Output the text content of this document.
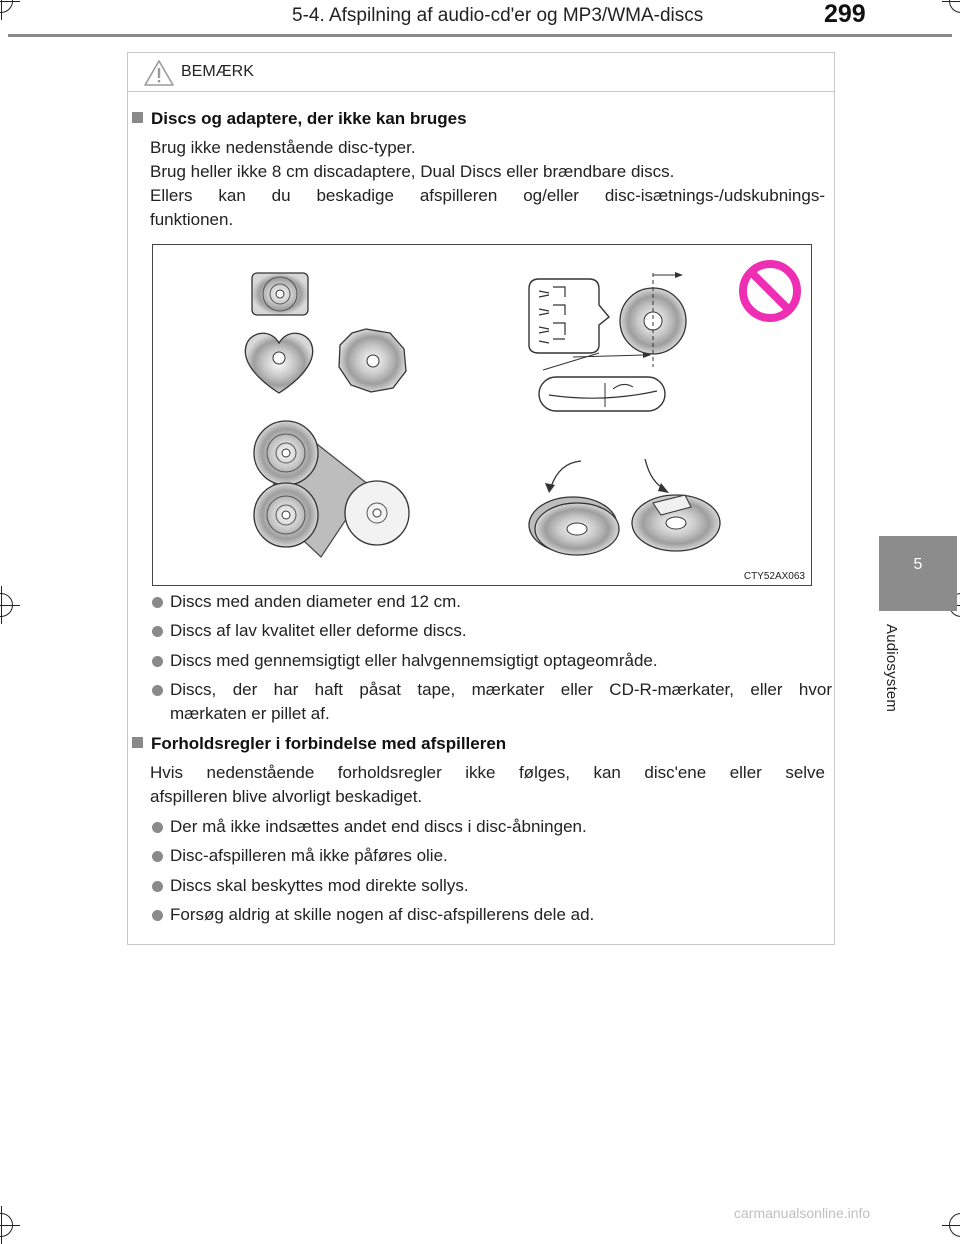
5-4. Afspilning af audio-cd'er og MP3/WMA-discs	299
5
Audiosystem
BEMÆRK
Discs og adaptere, der ikke kan bruges
Brug ikke nedenstående disc-typer.
Brug heller ikke 8 cm discadaptere, Dual Discs eller brændbare discs.
Ellers kan du beskadige afspilleren og/eller disc-isætnings-/udskubnings-
funktionen.
CTY52AX063
Discs med anden diameter end 12 cm.
Discs af lav kvalitet eller deforme discs.
Discs med gennemsigtigt eller halvgennemsigtigt optageområde.
Discs, der har haft påsat tape, mærkater eller CD-R-mærkater, eller hvor
mærkaten er pillet af.
Forholdsregler i forbindelse med afspilleren
Hvis nedenstående forholdsregler ikke følges, kan disc'ene eller selve
afspilleren blive alvorligt beskadiget.
Der må ikke indsættes andet end discs i disc-åbningen.
Disc-afspilleren må ikke påføres olie.
Discs skal beskyttes mod direkte sollys.
Forsøg aldrig at skille nogen af disc-afspillerens dele ad.
carmanualsonline.info
